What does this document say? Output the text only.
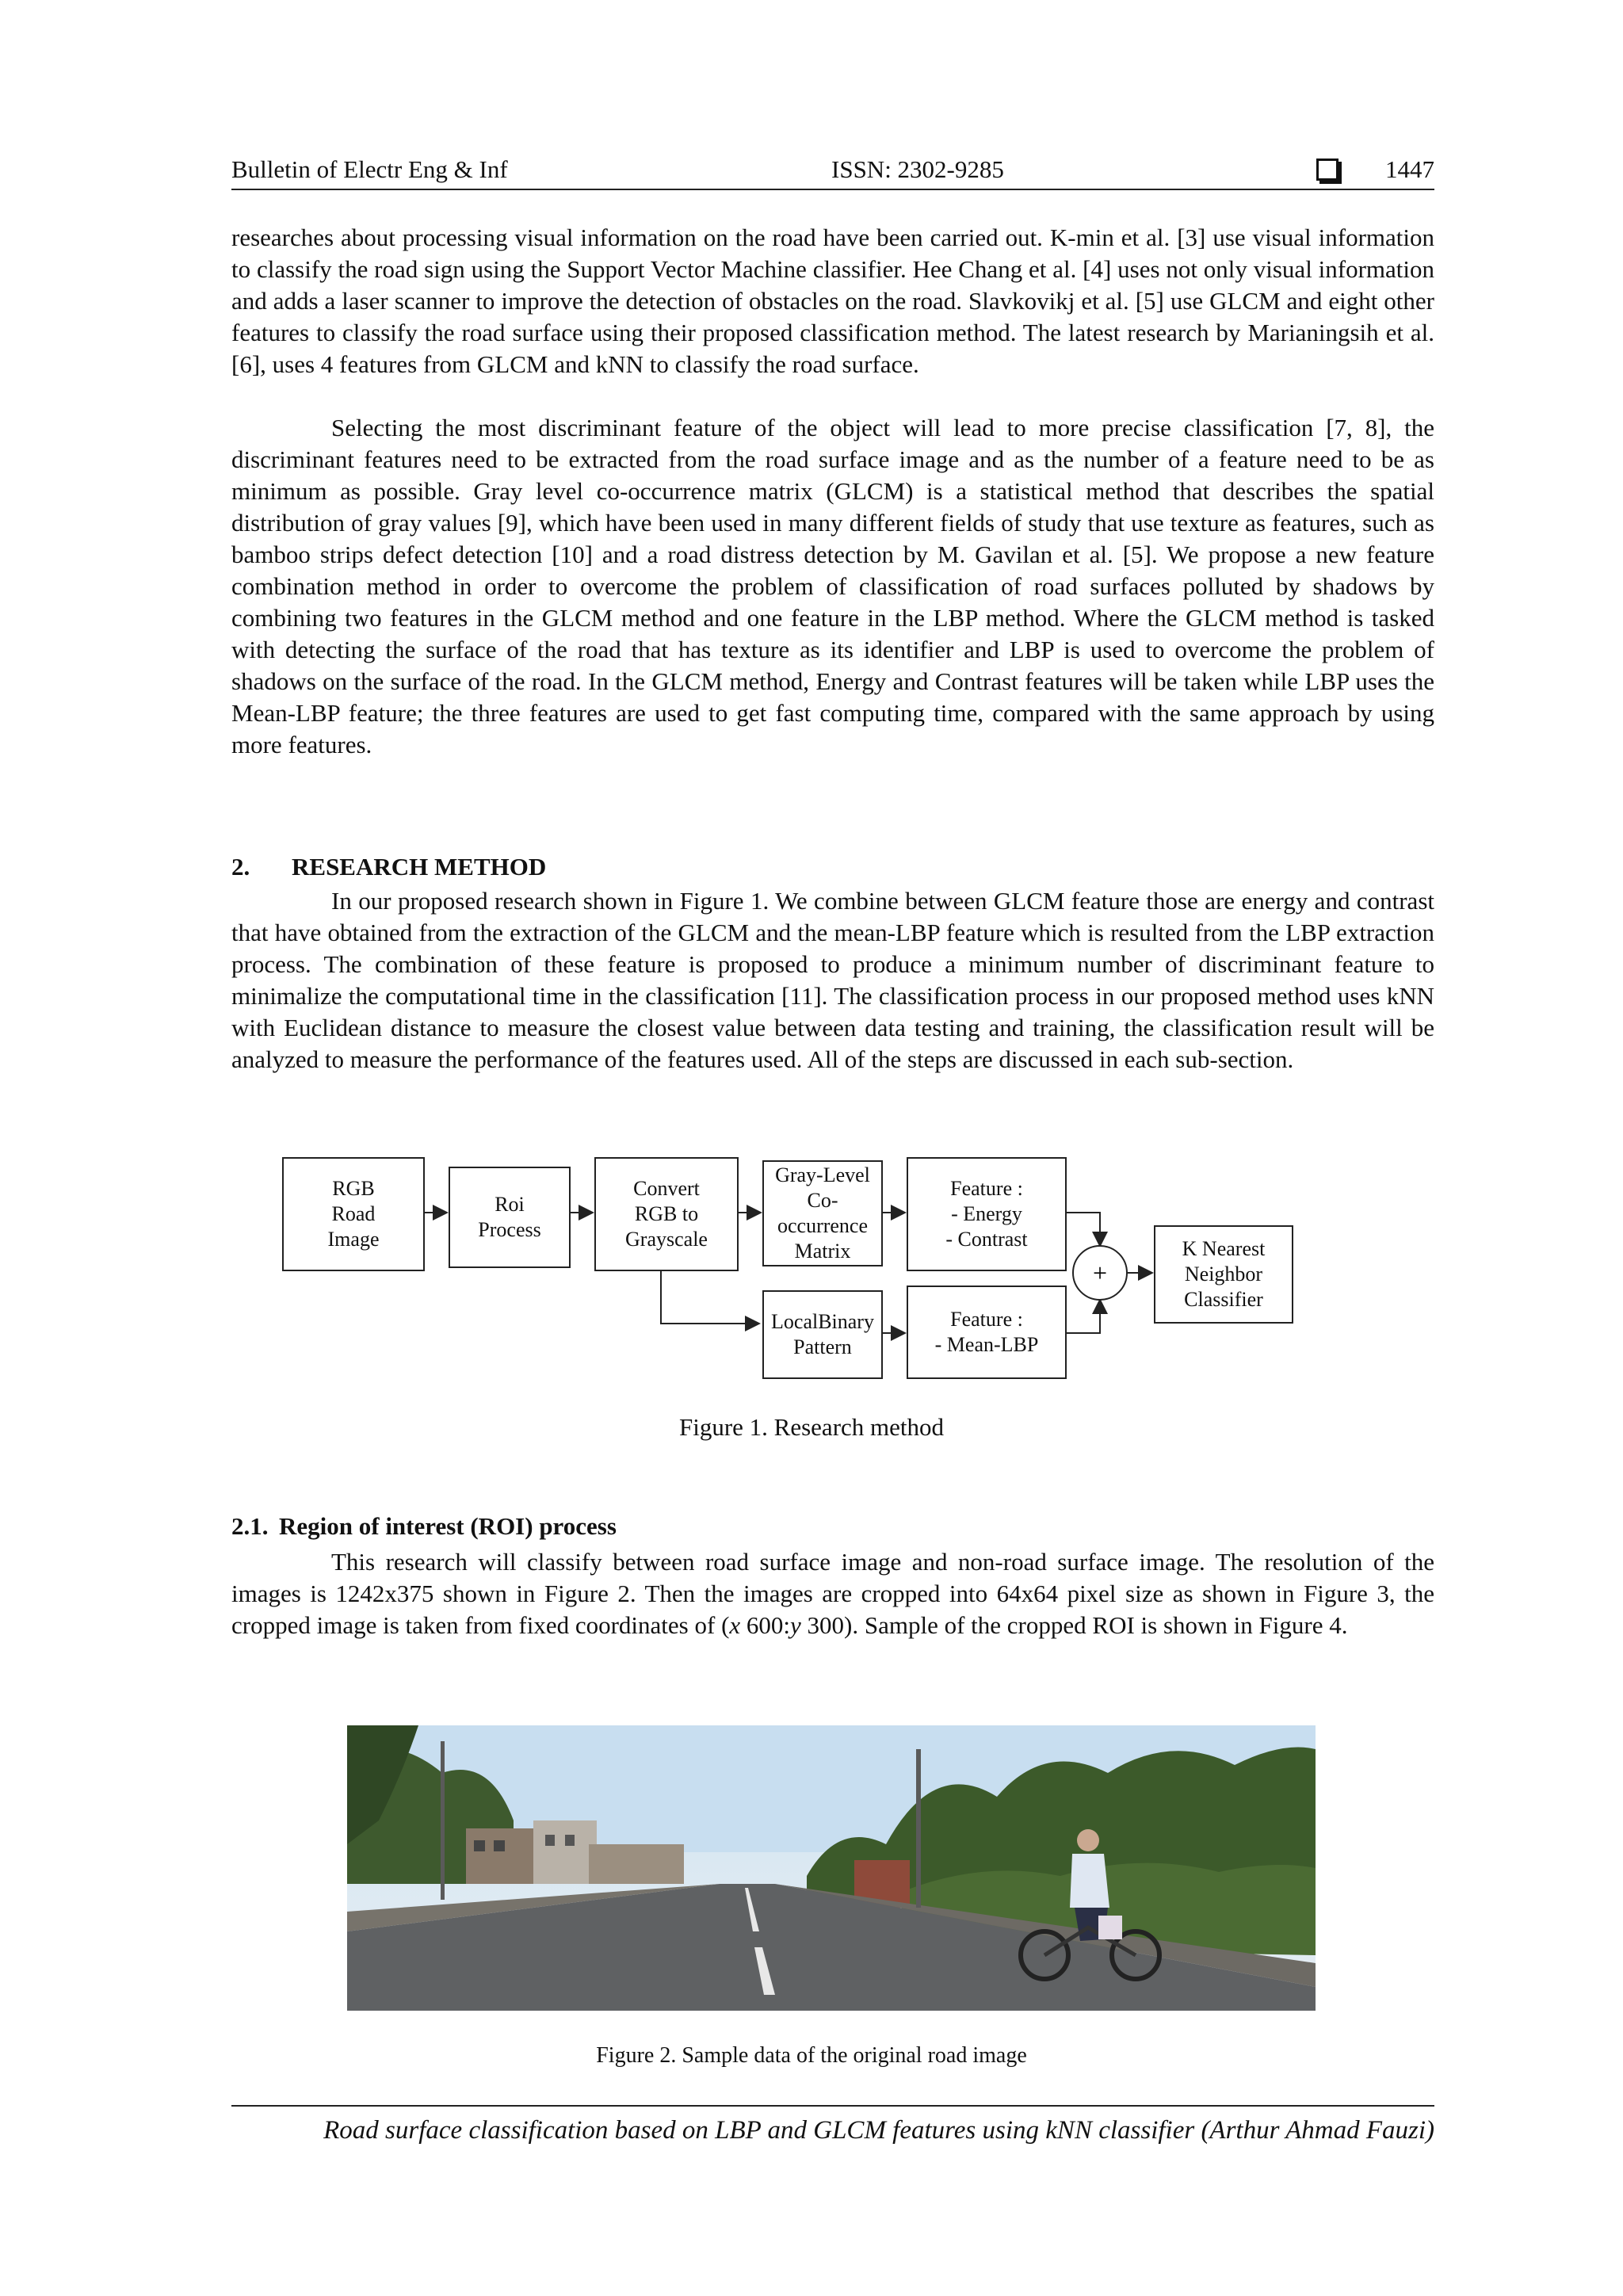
Bulletin of Electr Eng & Inf	ISSN: 2302-9285	1447

researches about processing visual information on the road have been carried out. K-min et al. [3] use visual information to classify the road sign using the Support Vector Machine classifier. Hee Chang et al. [4] uses not only visual information and adds a laser scanner to improve the detection of obstacles on the road. Slavkovikj et al. [5] use GLCM and eight other features to classify the road surface using their proposed classification method. The latest research by Marianingsih et al. [6], uses 4 features from GLCM and kNN to classify the road surface.

Selecting the most discriminant feature of the object will lead to more precise classification [7, 8], the discriminant features need to be extracted from the road surface image and as the number of a feature need to be as minimum as possible. Gray level co-occurrence matrix (GLCM) is a statistical method that describes the spatial distribution of gray values [9], which have been used in many different fields of study that use texture as features, such as bamboo strips defect detection [10] and a road distress detection by M. Gavilan et al. [5]. We propose a new feature combination method in order to overcome the problem of classification of road surfaces polluted by shadows by combining two features in the GLCM method and one feature in the LBP method. Where the GLCM method is tasked with detecting the surface of the road that has texture as its identifier and LBP is used to overcome the problem of shadows on the surface of the road. In the GLCM method, Energy and Contrast features will be taken while LBP uses the Mean-LBP feature; the three features are used to get fast computing time, compared with the same approach by using more features.

2. RESEARCH METHOD

In our proposed research shown in Figure 1. We combine between GLCM feature those are energy and contrast that have obtained from the extraction of the GLCM and the mean-LBP feature which is resulted from the LBP extraction process. The combination of these feature is proposed to produce a minimum number of discriminant feature to minimalize the computational time in the classification [11]. The classification process in our proposed method uses kNN with Euclidean distance to measure the closest value between data testing and training, the classification result will be analyzed to measure the performance of the features used. All of the steps are discussed in each sub-section.

+
RGB
Road
Image
Roi
Process
Convert
RGB to
Grayscale
Gray-Level
Co-occurrence
Matrix
Feature :
- Energy
- Contrast
LocalBinary
Pattern
Feature :
- Mean-LBP
K Nearest
Neighbor
Classifier
Figure 1. Research method
2.1. Region of interest (ROI) process

This research will classify between road surface image and non-road surface image. The resolution of the images is 1242x375 shown in Figure 2. Then the images are cropped into 64x64 pixel size as shown in Figure 3, the cropped image is taken from fixed coordinates of (x 600:y 300). Sample of the cropped ROI is shown in Figure 4.

Figure 2. Sample data of the original road image
Road surface classification based on LBP and GLCM features using kNN classifier (Arthur Ahmad Fauzi)
